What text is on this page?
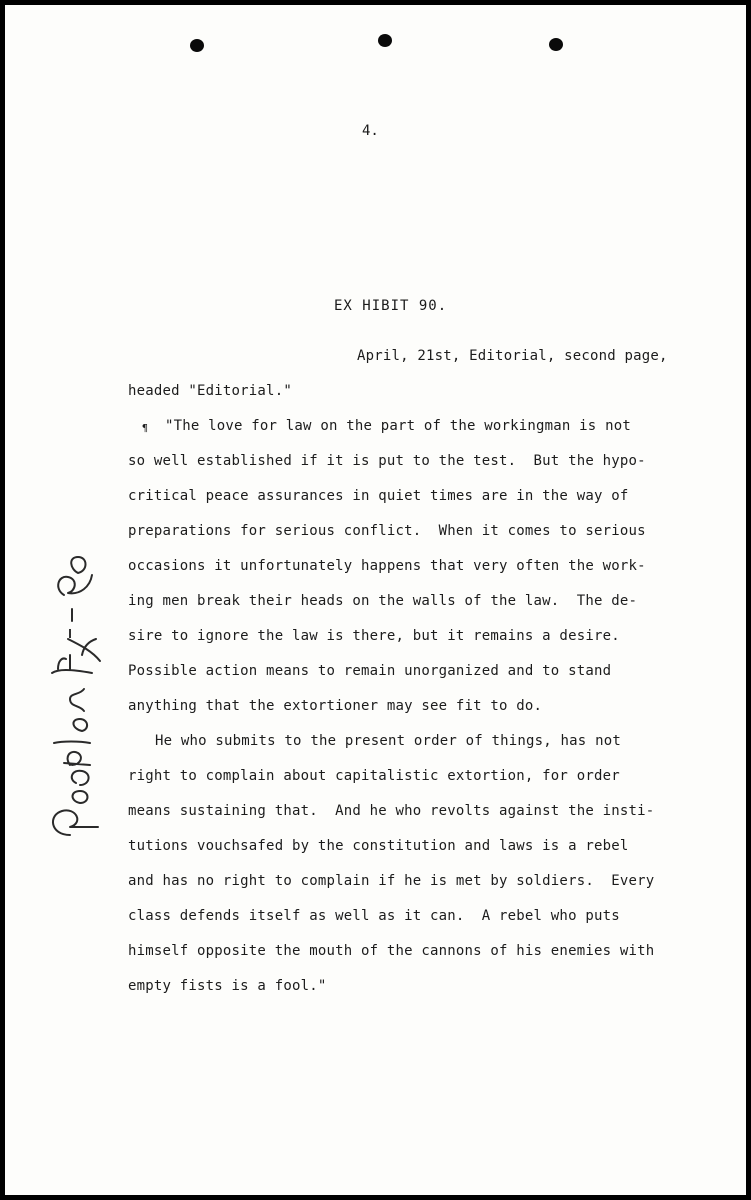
4.
EX HIBIT 90.
¶
April, 21st, Editorial, second page,
headed "Editorial."
"The love for law on the part of the workingman is not
so well established if it is put to the test.  But the hypo-
critical peace assurances in quiet times are in the way of
preparations for serious conflict.  When it comes to serious
occasions it unfortunately happens that very often the work-
ing men break their heads on the walls of the law.  The de-
sire to ignore the law is there, but it remains a desire.
Possible action means to remain unorganized and to stand
anything that the extortioner may see fit to do.
He who submits to the present order of things, has not
right to complain about capitalistic extortion, for order
means sustaining that.  And he who revolts against the insti-
tutions vouchsafed by the constitution and laws is a rebel
and has no right to complain if he is met by soldiers.  Every
class defends itself as well as it can.  A rebel who puts
himself opposite the mouth of the cannons of his enemies with
empty fists is a fool."
